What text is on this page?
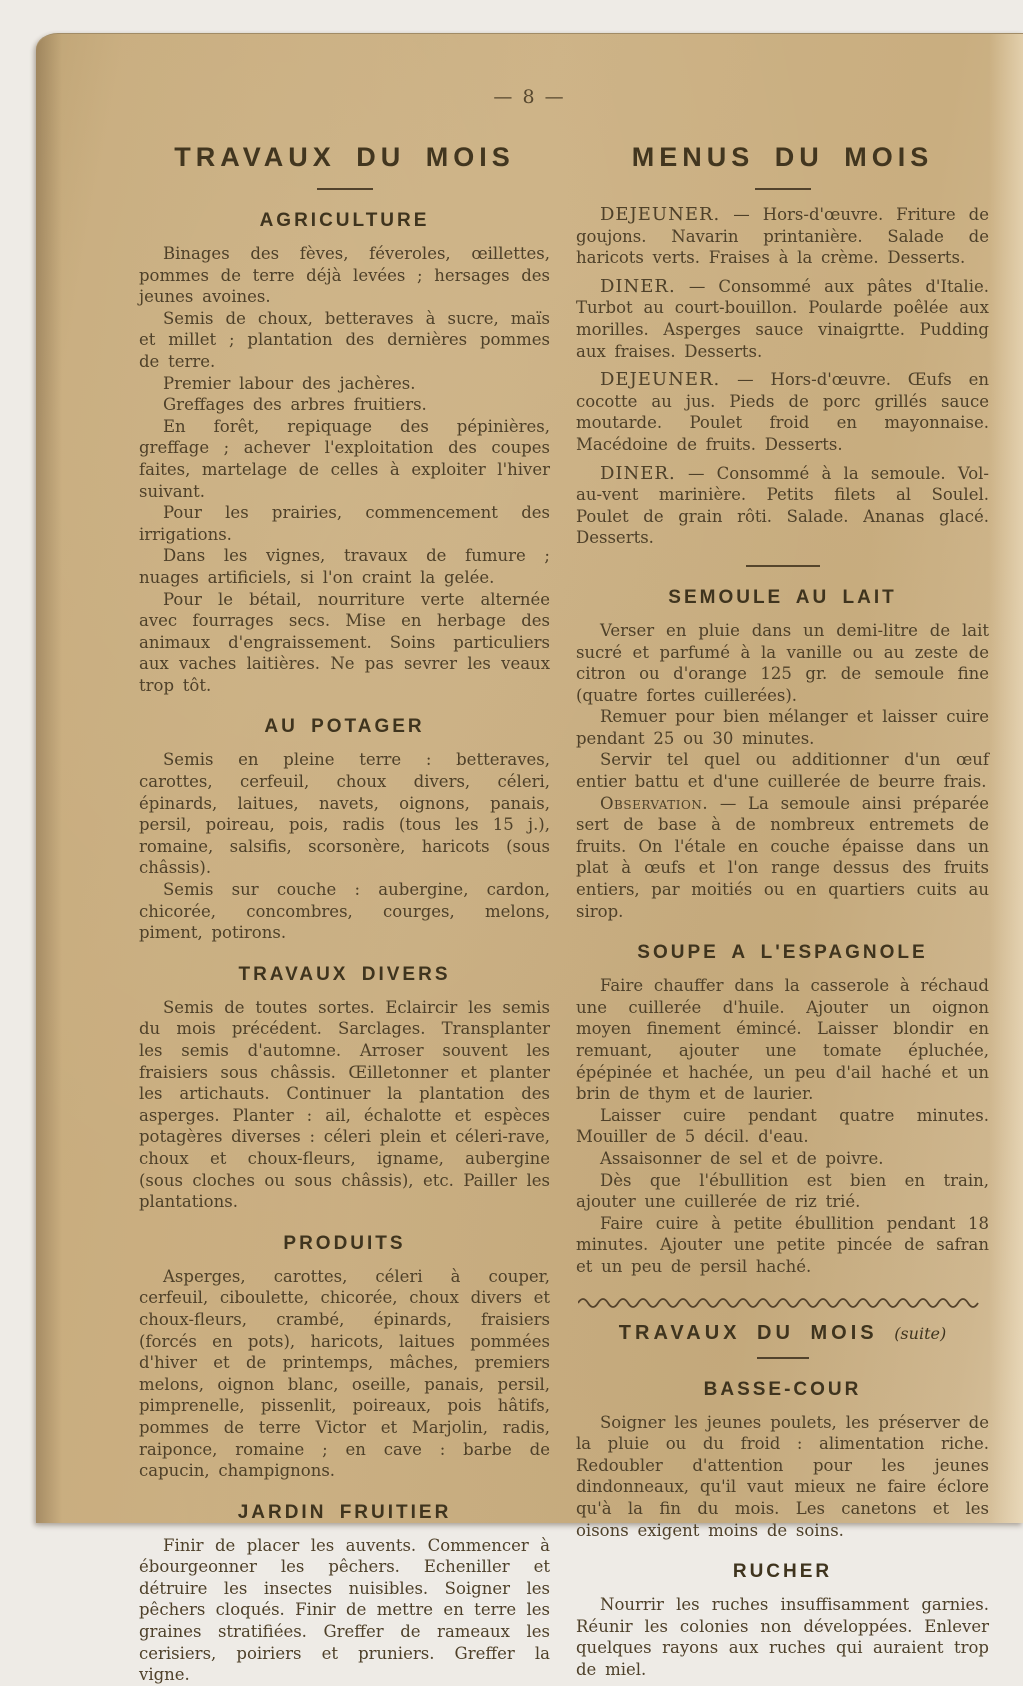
— 8 —
TRAVAUX DU MOIS
AGRICULTURE

Binages des fèves, féveroles, œillettes, pommes de terre déjà levées ; hersages des jeunes avoines.

Semis de choux, betteraves à sucre, maïs et millet ; plantation des dernières pommes de terre.

Premier labour des jachères.

Greffages des arbres fruitiers.

En forêt, repiquage des pépinières, greffage ; achever l'exploitation des coupes faites, martelage de celles à exploiter l'hiver suivant.

Pour les prairies, commencement des irrigations.

Dans les vignes, travaux de fumure ; nuages artificiels, si l'on craint la gelée.

Pour le bétail, nourriture verte alternée avec fourrages secs. Mise en herbage des animaux d'engraissement. Soins particuliers aux vaches laitières. Ne pas sevrer les veaux trop tôt.

AU POTAGER

Semis en pleine terre : betteraves, carottes, cerfeuil, choux divers, céleri, épinards, laitues, navets, oignons, panais, persil, poireau, pois, radis (tous les 15 j.), romaine, salsifis, scorsonère, haricots (sous châssis).

Semis sur couche : aubergine, cardon, chicorée, concombres, courges, melons, piment, potirons.

TRAVAUX DIVERS

Semis de toutes sortes. Eclaircir les semis du mois précédent. Sarclages. Transplanter les semis d'automne. Arroser souvent les fraisiers sous châssis. Œilletonner et planter les artichauts. Continuer la plantation des asperges. Planter : ail, échalotte et espèces potagères diverses : céleri plein et céleri-rave, choux et choux-fleurs, igname, aubergine (sous cloches ou sous châssis), etc. Pailler les plantations.

PRODUITS

Asperges, carottes, céleri à couper, cerfeuil, ciboulette, chicorée, choux divers et choux-fleurs, crambé, épinards, fraisiers (forcés en pots), haricots, laitues pommées d'hiver et de printemps, mâches, premiers melons, oignon blanc, oseille, panais, persil, pimprenelle, pissenlit, poireaux, pois hâtifs, pommes de terre Victor et Marjolin, radis, raiponce, romaine ; en cave : barbe de capucin, champignons.

JARDIN FRUITIER

Finir de placer les auvents. Commencer à ébourgeonner les pêchers. Echeniller et détruire les insectes nuisibles. Soigner les pêchers cloqués. Finir de mettre en terre les graines stratifiées. Greffer de rameaux les cerisiers, poiriers et pruniers. Greffer la vigne.

MENUS DU MOIS

DEJEUNER. — Hors-d'œuvre. Friture de goujons. Navarin printanière. Salade de haricots verts. Fraises à la crème. Desserts.

DINER. — Consommé aux pâtes d'Italie. Turbot au court-bouillon. Poularde poêlée aux morilles. Asperges sauce vinaigrtte. Pudding aux fraises. Desserts.

DEJEUNER. — Hors-d'œuvre. Œufs en cocotte au jus. Pieds de porc grillés sauce moutarde. Poulet froid en mayonnaise. Macédoine de fruits. Desserts.

DINER. — Consommé à la semoule. Vol-au-vent marinière. Petits filets al Soulel. Poulet de grain rôti. Salade. Ananas glacé. Desserts.

SEMOULE AU LAIT

Verser en pluie dans un demi-litre de lait sucré et parfumé à la vanille ou au zeste de citron ou d'orange 125 gr. de semoule fine (quatre fortes cuillerées).

Remuer pour bien mélanger et laisser cuire pendant 25 ou 30 minutes.

Servir tel quel ou additionner d'un œuf entier battu et d'une cuillerée de beurre frais.

Observation. — La semoule ainsi préparée sert de base à de nombreux entremets de fruits. On l'étale en couche épaisse dans un plat à œufs et l'on range dessus des fruits entiers, par moitiés ou en quartiers cuits au sirop.

SOUPE A L'ESPAGNOLE

Faire chauffer dans la casserole à réchaud une cuillerée d'huile. Ajouter un oignon moyen finement émincé. Laisser blondir en remuant, ajouter une tomate épluchée, épépinée et hachée, un peu d'ail haché et un brin de thym et de laurier.

Laisser cuire pendant quatre minutes. Mouiller de 5 décil. d'eau.

Assaisonner de sel et de poivre.

Dès que l'ébullition est bien en train, ajouter une cuillerée de riz trié.

Faire cuire à petite ébullition pendant 18 minutes. Ajouter une petite pincée de safran et un peu de persil haché.

TRAVAUX DU MOIS (suite)
BASSE-COUR

Soigner les jeunes poulets, les préserver de la pluie ou du froid : alimentation riche. Redoubler d'attention pour les jeunes dindonneaux, qu'il vaut mieux ne faire éclore qu'à la fin du mois. Les canetons et les oisons exigent moins de soins.

RUCHER

Nourrir les ruches insuffisamment garnies. Réunir les colonies non développées. Enlever quelques rayons aux ruches qui auraient trop de miel.
